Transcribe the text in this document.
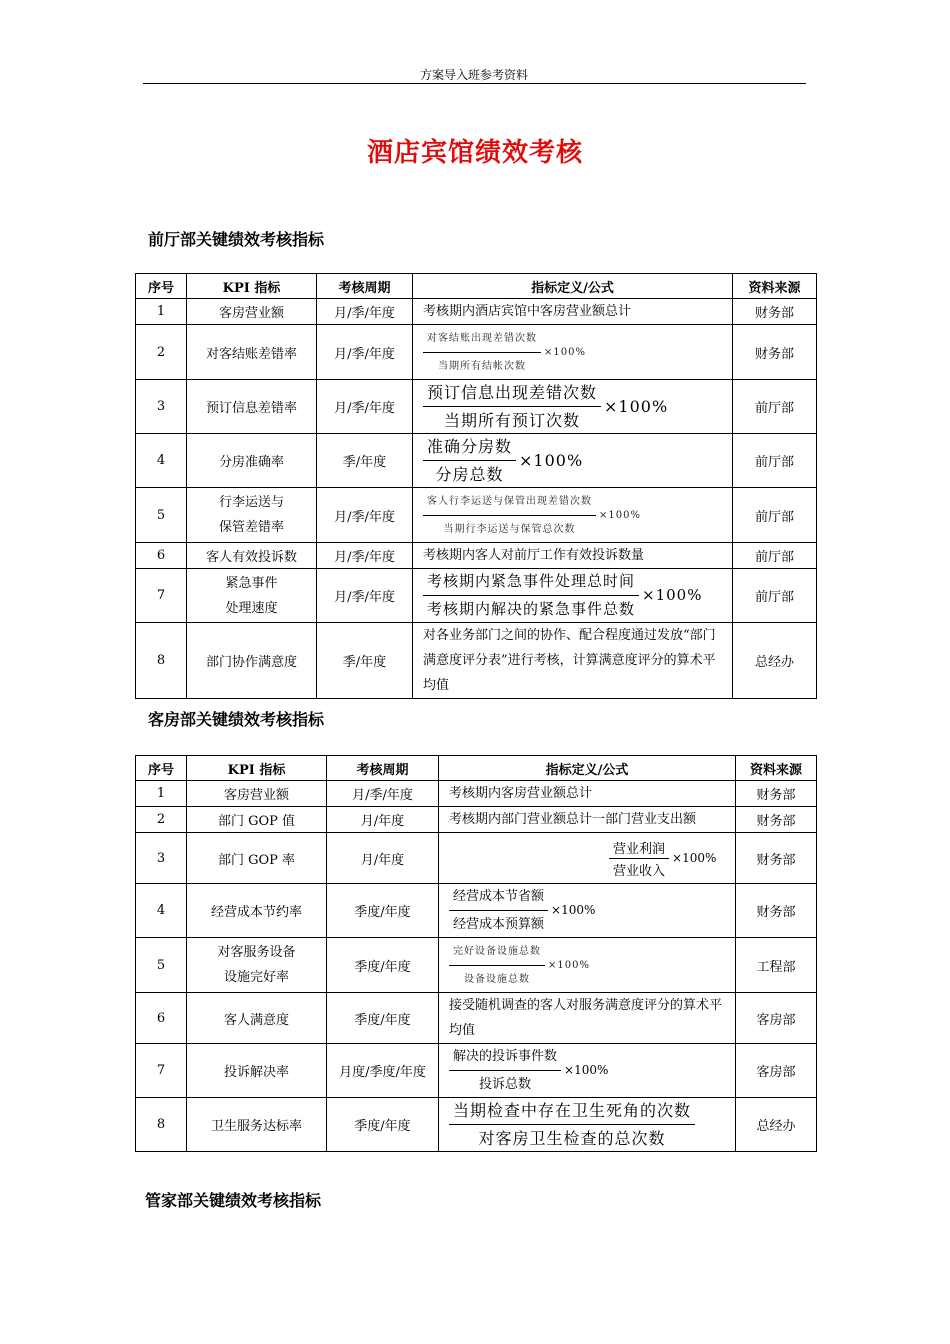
方案导入班参考资料
酒店宾馆绩效考核
前厅部关键绩效考核指标
序号	KPI 指标	考核周期	指标定义/公式	资料来源
1	客房营业额	月/季/年度	考核期内酒店宾馆中客房营业额总计	财务部
2	对客结账差错率	月/季/年度	对客结账出现差错次数
当期所有结帐次数
×100%	财务部
3	预订信息差错率	月/季/年度	预订信息出现差错次数
当期所有预订次数
×100%	前厅部
4	分房准确率	季/年度	准确分房数
分房总数
×100%	前厅部
5	行李运送与
保管差错率	月/季/年度	客人行李运送与保管出现差错次数
当期行李运送与保管总次数
×100%	前厅部
6	客人有效投诉数	月/季/年度	考核期内客人对前厅工作有效投诉数量	前厅部
7	紧急事件
处理速度	月/季/年度	考核期内紧急事件处理总时间
考核期内解决的紧急事件总数
×100%	前厅部
8	部门协作满意度	季/年度	对各业务部门之间的协作、配合程度通过发放“部门满意度评分表”进行考核，计算满意度评分的算术平均值	总经办
客房部关键绩效考核指标
序号	KPI 指标	考核周期	指标定义/公式	资料来源
1	客房营业额	月/季/年度	考核期内客房营业额总计	财务部
2	部门 GOP 值	月/年度	考核期内部门营业额总计一部门营业支出额	财务部
3	部门 GOP 率	月/年度	营业利润
营业收入
×100%	财务部
4	经营成本节约率	季度/年度	经营成本节省额
经营成本预算额
×100%	财务部
5	对客服务设备
设施完好率	季度/年度	完好设备设施总数
设备设施总数
×100%	工程部
6	客人满意度	季度/年度	接受随机调查的客人对服务满意度评分的算术平均值	客房部
7	投诉解决率	月度/季度/年度	解决的投诉事件数
投诉总数
×100%	客房部
8	卫生服务达标率	季度/年度	当期检查中存在卫生死角的次数
对客房卫生检查的总次数	总经办
管家部关键绩效考核指标
